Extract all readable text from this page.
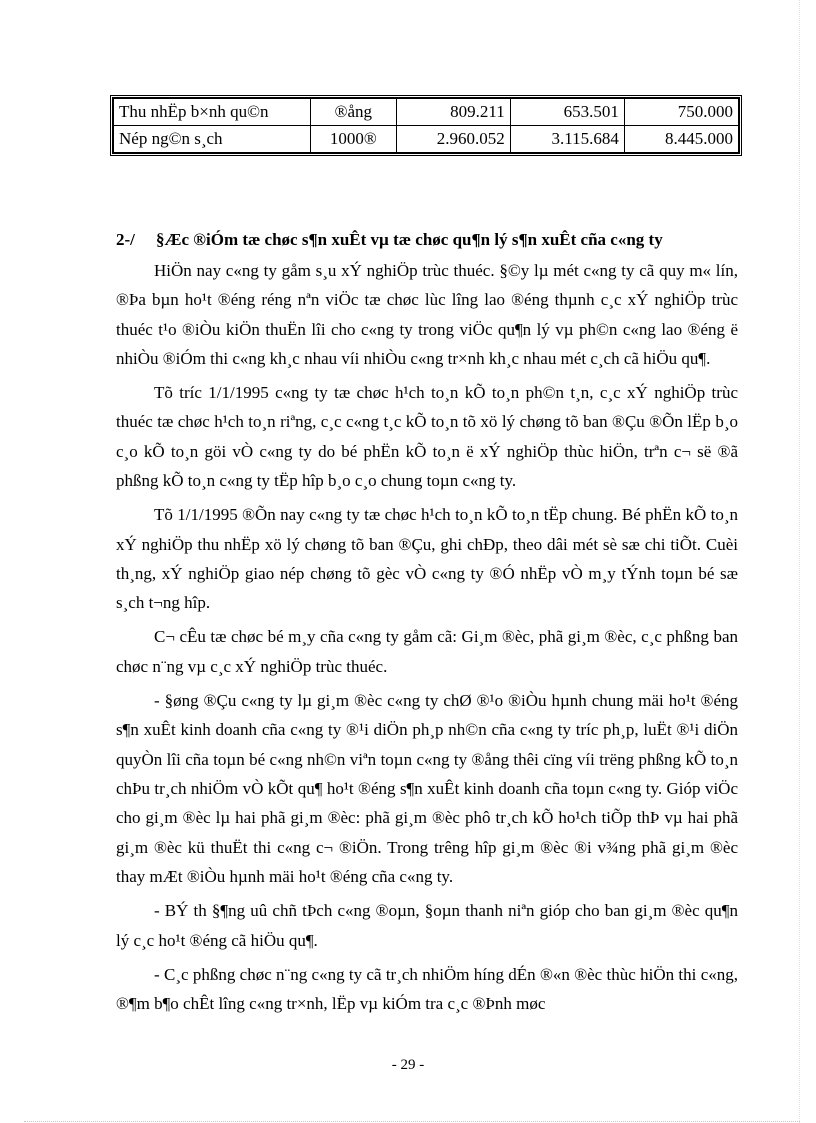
Thu nhËp b×nh qu©n	®ång	809.211	653.501	750.000
Nép ng©n s¸ch	1000®	2.960.052	3.115.684	8.445.000
2-/ §Æc ®iÓm tæ chøc s¶n xuÊt vµ tæ chøc qu¶n lý s¶n xuÊt cña c«ng ty

HiÖn nay c«ng ty gåm s¸u xÝ nghiÖp trùc thuéc. §©y lµ mét c«ng ty cã quy m« lín, ®Þa bµn ho¹t ®éng réng nªn viÖc tæ chøc lùc lîng lao ®éng thµnh c¸c xÝ nghiÖp trùc thuéc t¹o ®iÒu kiÖn thuËn lîi cho c«ng ty trong viÖc qu¶n lý vµ ph©n c«ng lao ®éng ë nhiÒu ®iÓm thi c«ng kh¸c nhau víi nhiÒu c«ng tr×nh kh¸c nhau mét c¸ch cã hiÖu qu¶.

Tõ tríc 1/1/1995 c«ng ty tæ chøc h¹ch to¸n kÕ to¸n ph©n t¸n, c¸c xÝ nghiÖp trùc thuéc tæ chøc h¹ch to¸n riªng, c¸c c«ng t¸c kÕ to¸n tõ xö lý chøng tõ ban ®Çu ®Õn lËp b¸o c¸o kÕ to¸n göi vÒ c«ng ty do bé phËn kÕ to¸n ë xÝ nghiÖp thùc hiÖn, trªn c¬ së ®ã phßng kÕ to¸n c«ng ty tËp hîp b¸o c¸o chung toµn c«ng ty.

Tõ 1/1/1995 ®Õn nay c«ng ty tæ chøc h¹ch to¸n kÕ to¸n tËp chung. Bé phËn kÕ to¸n xÝ nghiÖp thu nhËp xö lý chøng tõ ban ®Çu, ghi chÐp, theo dâi mét sè sæ chi tiÕt. Cuèi th¸ng, xÝ nghiÖp giao nép chøng tõ gèc vÒ c«ng ty ®Ó nhËp vÒ m¸y tÝnh toµn bé sæ s¸ch t¬ng hîp.

C¬ cÊu tæ chøc bé m¸y cña c«ng ty gåm cã: Gi¸m ®èc, phã gi¸m ®èc, c¸c phßng ban chøc n¨ng vµ c¸c xÝ nghiÖp trùc thuéc.

- §øng ®Çu c«ng ty lµ gi¸m ®èc c«ng ty chØ ®¹o ®iÒu hµnh chung mäi ho¹t ®éng s¶n xuÊt kinh doanh cña c«ng ty ®¹i diÖn ph¸p nh©n cña c«ng ty tríc ph¸p, luËt ®¹i diÖn quyÒn lîi cña toµn bé c«ng nh©n viªn toµn c«ng ty ®ång thêi cïng víi trëng phßng kÕ to¸n chÞu tr¸ch nhiÖm vÒ kÕt qu¶ ho¹t ®éng s¶n xuÊt kinh doanh cña toµn c«ng ty. Gióp viÖc cho gi¸m ®èc lµ hai phã gi¸m ®èc: phã gi¸m ®èc phô tr¸ch kÕ ho¹ch tiÕp thÞ vµ hai phã gi¸m ®èc kü thuËt thi c«ng c¬ ®iÖn. Trong trêng hîp gi¸m ®èc ®i v¾ng phã gi¸m ®èc thay mÆt ®iÒu hµnh mäi ho¹t ®éng cña c«ng ty.

- BÝ th §¶ng uû chñ tÞch c«ng ®oµn, §oµn thanh niªn gióp cho ban gi¸m ®èc qu¶n lý c¸c ho¹t ®éng cã hiÖu qu¶.

- C¸c phßng chøc n¨ng c«ng ty cã tr¸ch nhiÖm híng dÉn ®«n ®èc thùc hiÖn thi c«ng, ®¶m b¶o chÊt lîng c«ng tr×nh, lËp vµ kiÓm tra c¸c ®Þnh møc

- 29 -
